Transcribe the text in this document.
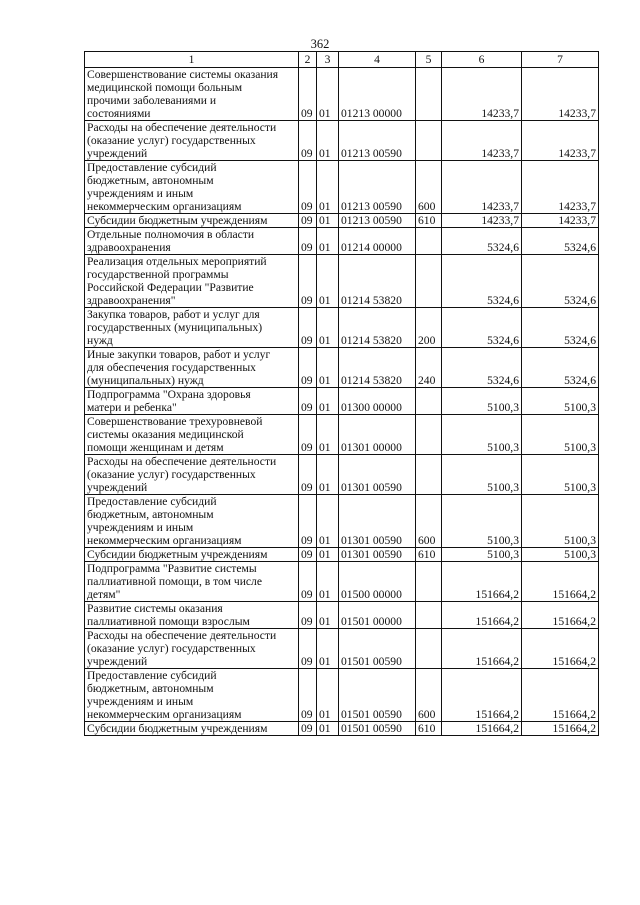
362
1	2	3	4	5	6	7

Совершенствование системы оказания
медицинской помощи больным
прочими заболеваниями и
состояниями	09	01	01213 00000		14233,7	14233,7

Расходы на обеспечение деятельности
(оказание услуг) государственных
учреждений	09	01	01213 00590		14233,7	14233,7

Предоставление субсидий
бюджетным, автономным
учреждениям и иным
некоммерческим организациям	09	01	01213 00590	600	14233,7	14233,7

Субсидии бюджетным учреждениям	09	01	01213 00590	610	14233,7	14233,7

Отдельные полномочия в области
здравоохранения	09	01	01214 00000		5324,6	5324,6

Реализация отдельных мероприятий
государственной программы
Российской Федерации "Развитие
здравоохранения"	09	01	01214 53820		5324,6	5324,6

Закупка товаров, работ и услуг для
государственных (муниципальных)
нужд	09	01	01214 53820	200	5324,6	5324,6

Иные закупки товаров, работ и услуг
для обеспечения государственных
(муниципальных) нужд	09	01	01214 53820	240	5324,6	5324,6

Подпрограмма "Охрана здоровья
матери и ребенка"	09	01	01300 00000		5100,3	5100,3

Совершенствование трехуровневой
системы оказания медицинской
помощи женщинам и детям	09	01	01301 00000		5100,3	5100,3

Расходы на обеспечение деятельности
(оказание услуг) государственных
учреждений	09	01	01301 00590		5100,3	5100,3

Предоставление субсидий
бюджетным, автономным
учреждениям и иным
некоммерческим организациям	09	01	01301 00590	600	5100,3	5100,3

Субсидии бюджетным учреждениям	09	01	01301 00590	610	5100,3	5100,3

Подпрограмма "Развитие системы
паллиативной помощи, в том числе
детям"	09	01	01500 00000		151664,2	151664,2

Развитие системы оказания
паллиативной помощи взрослым	09	01	01501 00000		151664,2	151664,2

Расходы на обеспечение деятельности
(оказание услуг) государственных
учреждений	09	01	01501 00590		151664,2	151664,2

Предоставление субсидий
бюджетным, автономным
учреждениям и иным
некоммерческим организациям	09	01	01501 00590	600	151664,2	151664,2

Субсидии бюджетным учреждениям	09	01	01501 00590	610	151664,2	151664,2
